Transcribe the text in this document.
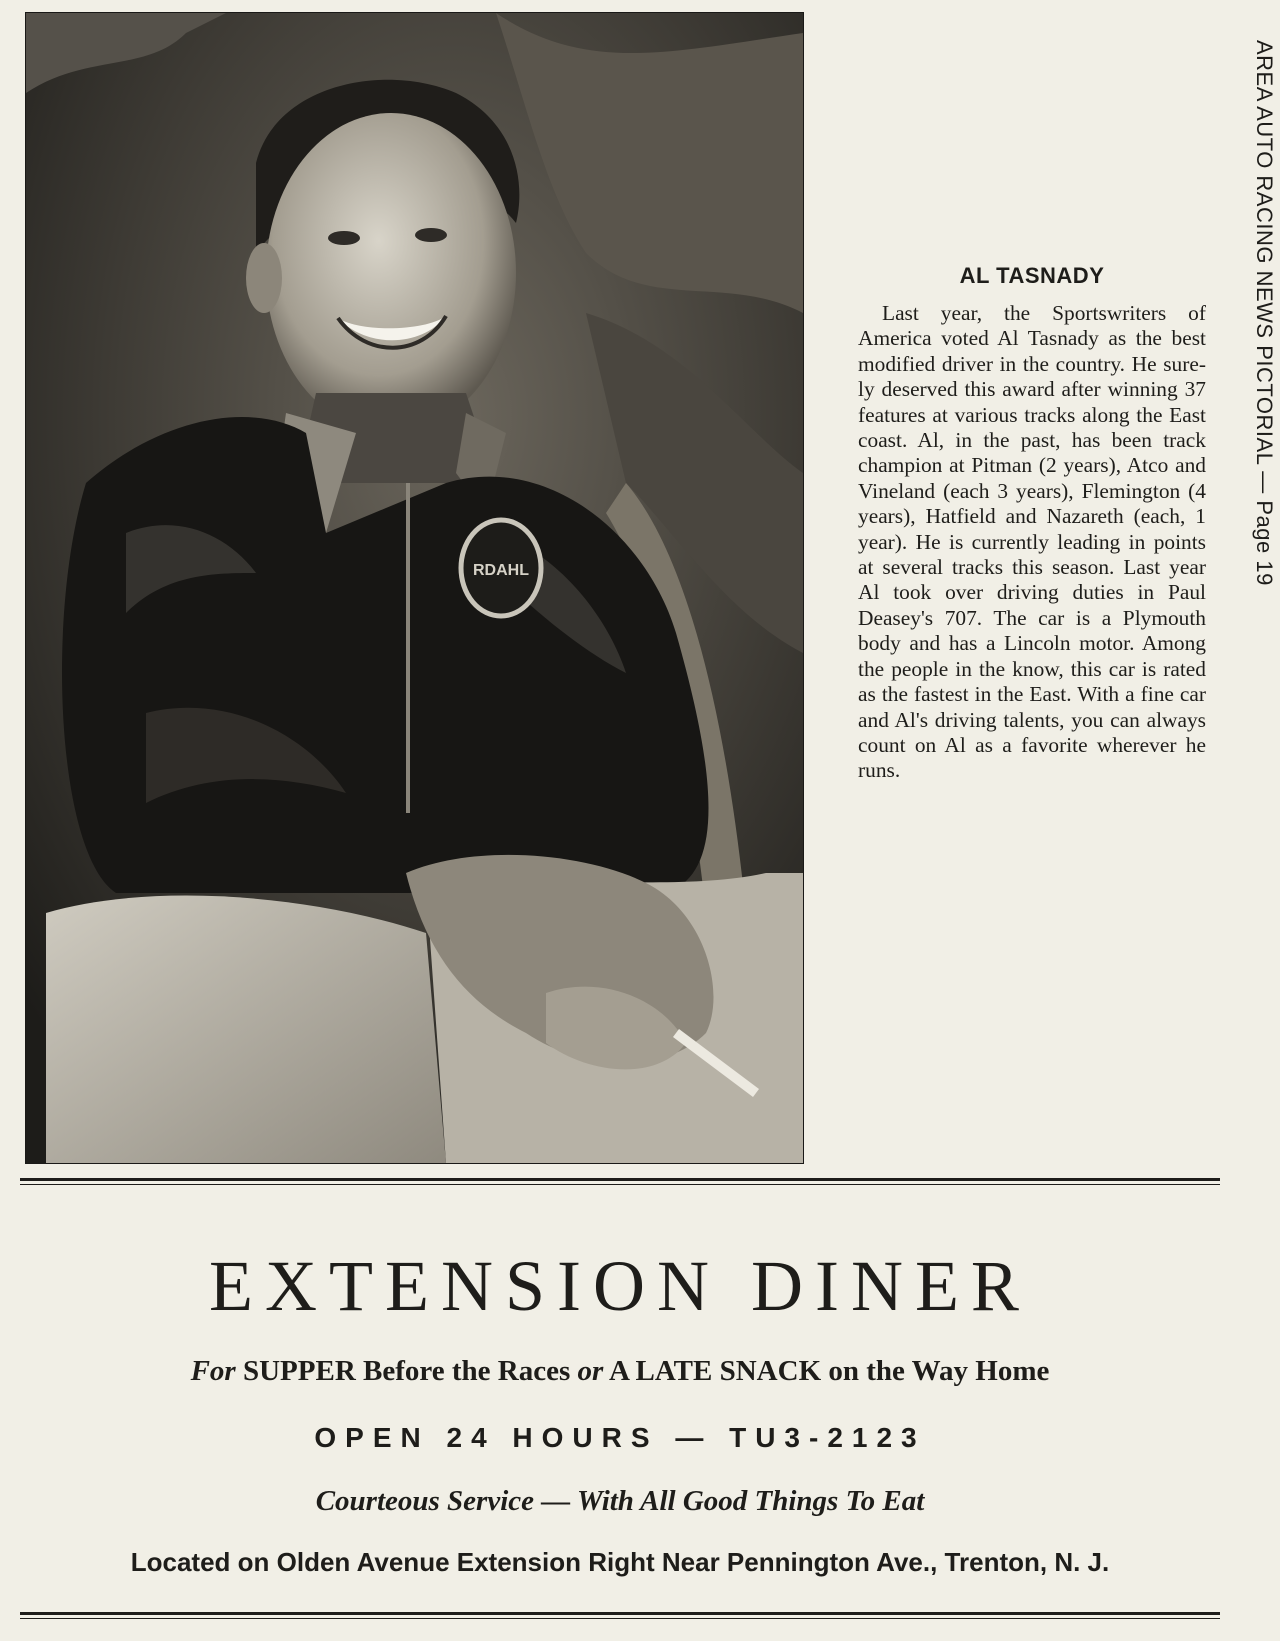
RDAHL
AL TASNADY

Last year, the Sportswriters of America voted Al Tasnady as the best modified driver in the country. He surely deserved this award after winning 37 features at various tracks along the East coast. Al, in the past, has been track champion at Pitman (2 years), Atco and Vineland (each 3 years), Flemington (4 years), Hatfield and Nazareth (each, 1 year). He is currently leading in points at several tracks this season. Last year Al took over driving duties in Paul Deasey's 707. The car is a Plymouth body and has a Lincoln motor. Among the people in the know, this car is rated as the fastest in the East. With a fine car and Al's driving talents, you can always count on Al as a favorite wherever he runs.

AREA AUTO RACING NEWS PICTORIAL — Page 19
EXTENSION DINER
For SUPPER Before the Races or A LATE SNACK on the Way Home
OPEN 24 HOURS — TU3-2123
Courteous Service — With All Good Things To Eat
Located on Olden Avenue Extension Right Near Pennington Ave., Trenton, N. J.
